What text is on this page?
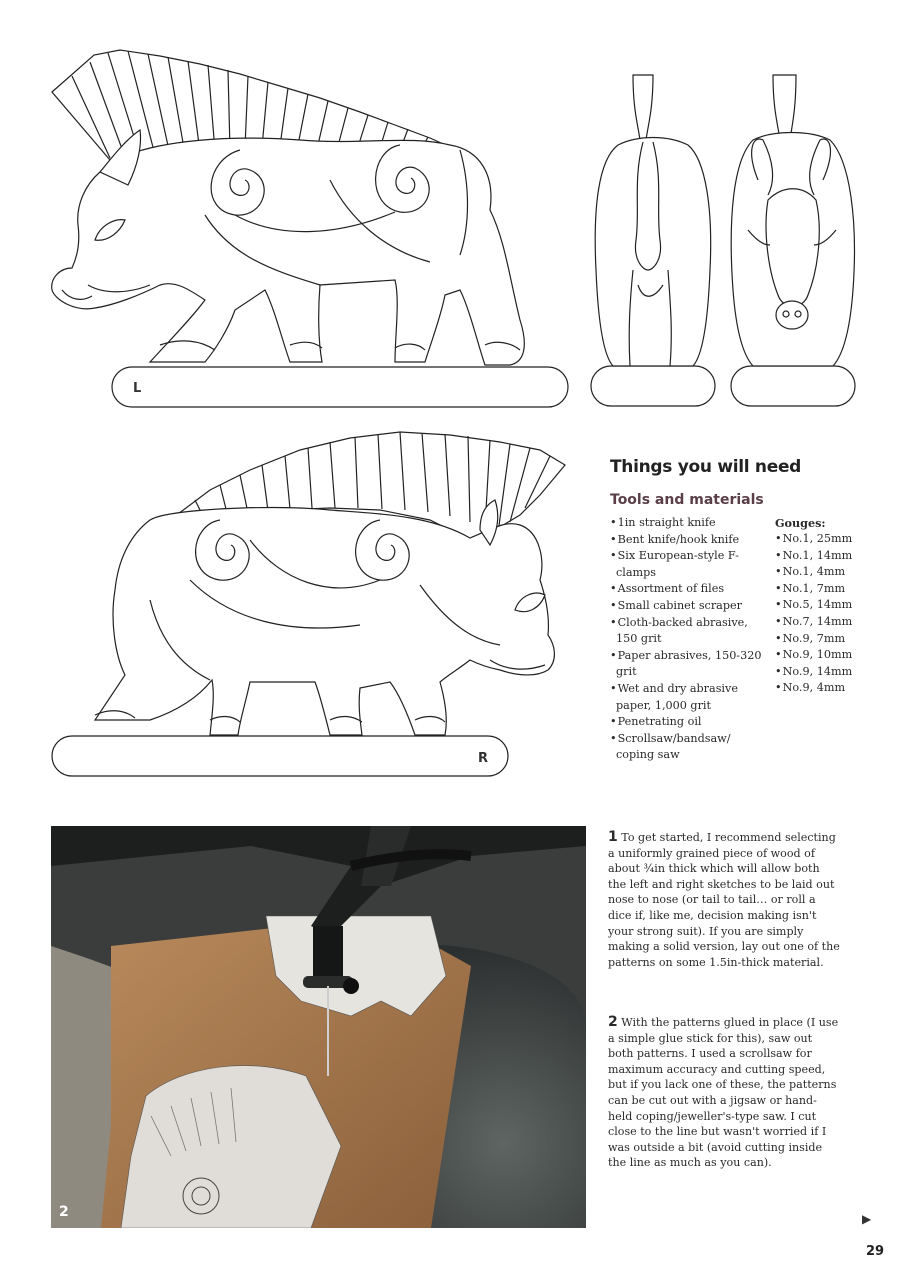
L
R
Things you will need
Tools and materials
• 1in straight knife
• Bent knife/hook knife
• Six European-style F-clamps
• Assortment of files
• Small cabinet scraper
• Cloth-backed abrasive, 150 grit
• Paper abrasives, 150-320 grit
• Wet and dry abrasive paper, 1,000 grit
• Penetrating oil
• Scrollsaw/bandsaw/ coping saw
Gouges:
• No.1, 25mm
• No.1, 14mm
• No.1, 4mm
• No.1, 7mm
• No.5, 14mm
• No.7, 14mm
• No.9, 7mm
• No.9, 10mm
• No.9, 14mm
• No.9, 4mm
2
1 To get started, I recommend selecting a uniformly grained piece of wood of about ¾in thick which will allow both the left and right sketches to be laid out nose to nose (or tail to tail… or roll a dice if, like me, decision making isn't your strong suit). If you are simply making a solid version, lay out one of the patterns on some 1.5in-thick material.
2 With the patterns glued in place (I use a simple glue stick for this), saw out both patterns. I used a scrollsaw for maximum accuracy and cutting speed, but if you lack one of these, the patterns can be cut out with a jigsaw or hand-held coping/jeweller's-type saw. I cut close to the line but wasn't worried if I was outside a bit (avoid cutting inside the line as much as you can).
▶
29
